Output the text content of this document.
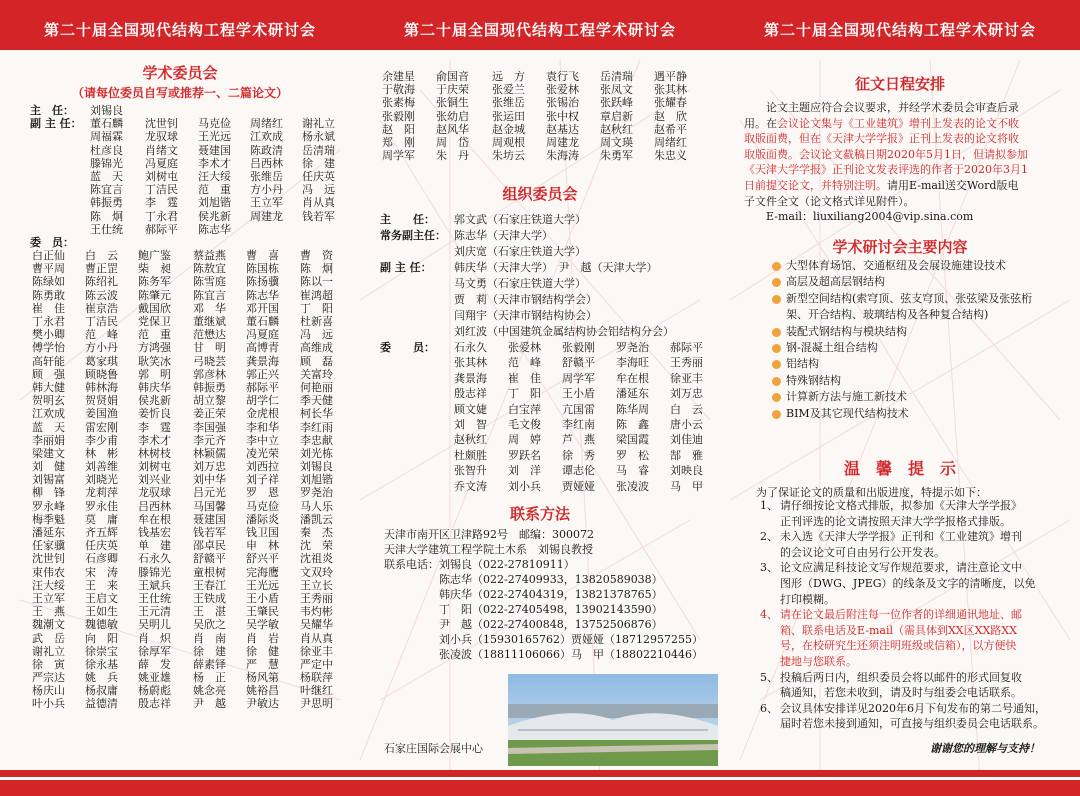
第二十届全国现代结构工程学术研讨会
学术委员会
（请每位委员自写或推荐一、二篇论文）
主　任： 刘锡良
副 主 任： 董石麟 沈世钊 马克俭 周绪红 谢礼立
周福霖 龙驭球 王光远 江欢成 杨永斌
杜彦良 肖绪文 聂建国 陈政清 岳清瑞
滕锦光 冯夏庭 李术才 吕西林 徐　建
蓝　天 刘树屯 汪大绥 张维岳 任庆英
陈宜言 丁洁民 范　重 方小丹 冯　远
韩振勇 李　霆 刘旭锴 王立军 肖从真
陈　炯 丁永君 侯兆新 周建龙 钱若军
王仕统 郝际平 陈志华
委　员：
白正仙 白　云 鲍广鉴 蔡益燕 曹　喜 曹　资
曹平周 曹正罡 柴　昶 陈敖宜 陈国栋 陈　炯
陈绿如 陈绍礼 陈务军 陈雪庭 陈扬骥 陈以一
陈勇敢 陈云波 陈肇元 陈宜言 陈志华 崔鸿超
崔　佳 崔京浩 戴国欣 邓　华 邓开国 丁　阳
丁永君 丁洁民 党保卫 董继斌 董石麟 杜新喜
樊小卿 范　峰 范　重 范懋达 冯夏庭 冯　远
傅学怡 方小丹 方鸿强 甘　明 高博青 高维成
高轩能 葛家琪 耿笑冰 弓晓芸 龚景海 顾　磊
顾　强 顾晓鲁 郭　明 郭彦林 郭正兴 关富玲
韩大健 韩林海 韩庆华 韩振勇 郝际平 何艳丽
贺明玄 贺贤娟 侯兆新 胡立黎 胡学仁 季天健
江欢成 姜国渔 姜忻良 姜正荣 金虎根 柯长华
蓝　天 雷宏刚 李　霆 李国强 李和华 李红雨
李丽娟 李少甫 李术才 李元齐 李中立 李忠献
梁建文 林　彬 林树枝 林颖儒 凌光荣 刘光栋
刘　健 刘善维 刘树屯 刘万忠 刘西拉 刘锡良
刘锡富 刘晓光 刘兴业 刘中华 刘子祥 刘旭锴
柳　锋 龙莉萍 龙驭球 吕元光 罗　恩 罗尧治
罗永峰 罗永佳 吕西林 马国馨 马克俭 马人乐
梅季魁 莫　庸 牟在根 聂建国 潘际炎 潘凯云
潘延东 齐五辉 钱基宏 钱若军 钱卫国 秦　杰
任家骥 任庆英 单　建 邵卓民 申　林 沈　荣
沈世钊 石彦卿 石永久 舒赣平 舒兴平 沈祖炎
束伟农 宋　涛 滕锦光 童根树 完海鹰 文双玲
汪大绥 王　来 王斌兵 王春江 王光远 王立长
王立军 王启文 王仕统 王铁成 王小盾 王秀丽
王　燕 王如生 王元清 王　湛 王肇民 韦灼彬
魏潮文 魏德敏 吴明儿 吴欣之 吴学敏 吴耀华
武　岳 向　阳 肖　炽 肖　南 肖　岩 肖从真
谢礼立 徐崇宝 徐厚军 徐　建 徐　健 徐亚丰
徐　寅 徐永基 薛　发 薛素铎 严　慧 严定中
严宗达 姚　兵 姚亚雄 杨　正 杨风第 杨联萍
杨庆山 杨叔庸 杨蔚彪 姚念亮 姚裕昌 叶继红
叶小兵 益德清 殷志祥 尹　越 尹敏达 尹思明
第二十届全国现代结构工程学术研讨会
余建星 俞国音 远　方 袁行飞 岳清瑞 遇平静
于敬海 于庆荣 张爱兰 张爱林 张凤文 张其林
张素梅 张铜生 张维岳 张锡治 张跃峰 张耀春
张毅刚 张幼启 张运田 张中权 章启新 赵　欣
赵　阳 赵风华 赵金城 赵基达 赵秋红 赵希平
郑　刚 周　岱 周观根 周建龙 周文瑛 周绪红
周学军 朱　丹 朱坊云 朱海涛 朱勇军 朱忠义
组织委员会
主　　任： 郭文武（石家庄铁道大学）
常务副主任： 陈志华（天津大学）
刘庆宽（石家庄铁道大学）
副 主 任： 韩庆华（天津大学）　尹　越（天津大学）
马文勇（石家庄铁道大学）
贾　莉（天津市钢结构学会）
闫翔宇（天津市钢结构协会）
刘红波（中国建筑金属结构协会铝结构分会）
委　　员： 石永久 张爱林 张毅刚 罗尧治 郝际平
张其林 范　峰 舒赣平 李海旺 王秀丽
龚景海 崔　佳 周学军 牟在根 徐亚丰
殷志祥 丁　阳 王小盾 潘延东 刘万忠
顾文婕 白宝萍 亢国雷 陈华周 白　云
刘　智 毛文俊 李红南 陈　鑫 唐小云
赵秋红 周　婷 芦　燕 梁国霞 刘佳迪
杜颇胜 罗跃名 徐　秀 罗　松 郜　雅
张智升 刘　洋 谭志伦 马　睿 刘映良
乔文涛 刘小兵 贾娅娅 张凌波 马　甲
联系方法
天津市南开区卫津路92号　邮编：300072
天津大学建筑工程学院土木系　刘锡良教授
联系电话：刘锡良（022-27810911）
　　　　　陈志华（022-27409933，13820589038）
　　　　　韩庆华（022-27404319，13821378765）
　　　　　丁　阳（022-27405498，13902143590）
　　　　　尹　越（022-27400848，13752506876）
　　　　　刘小兵（15930165762）贾娅娅（18712957255）
　　　　　张凌波（18811106066）马　甲（18802210446）
石家庄国际会展中心
第二十届全国现代结构工程学术研讨会
征文日程安排
　　论文主题应符合会议要求，并经学术委员会审查后录
用。在会议论文集与《工业建筑》增刊上发表的论文不收
取版面费，但在《天津大学学报》正刊上发表的论文将收
取版面费。会议论文截稿日期2020年5月1日，但请拟参加
《天津大学学报》正刊论文发表评选的作者于2020年3月1
日前提交论文，并特别注明。请用E-mail送交Word版电
子文件全文（论文格式详见附件）。
　　E-mail：liuxiliang2004@vip.sina.com
学术研讨会主要内容
大型体育场馆、交通枢纽及会展设施建设技术
高层及超高层钢结构
新型空间结构(索穹顶、弦支穹顶、张弦梁及张弦桁
架、开合结构、玻璃结构及各种复合结构)
装配式钢结构与模块结构
钢-混凝土组合结构
铝结构
特殊钢结构
计算新方法与施工新技术
BIM及其它现代结构技术
温　馨　提　示
为了保证论文的质量和出版进度，特提示如下：
1、 请仔细按论文格式排版，拟参加《天津大学学报》
正刊评选的论文请按照天津大学学报格式排版。
2、 未入选《天津大学学报》正刊和《工业建筑》增刊
的会议论文可自由另行公开发表。
3、 论文应满足科技论文写作规范要求，请注意论文中
图形（DWG、JPEG）的线条及文字的清晰度，以免
打印模糊。
4、 请在论文最后附注每一位作者的详细通讯地址、邮
箱、联系电话及E-mail（需具体到XX区XX路XX
号，在校研究生还须注明班级或信箱），以方便快
捷地与您联系。
5、 投稿后两日内，组织委员会将以邮件的形式回复收
稿通知，若您未收到，请及时与组委会电话联系。
6、 会议具体安排详见2020年6月下旬发布的第二号通知，
届时若您未接到通知，可直接与组织委员会电话联系。
谢谢您的理解与支持！
